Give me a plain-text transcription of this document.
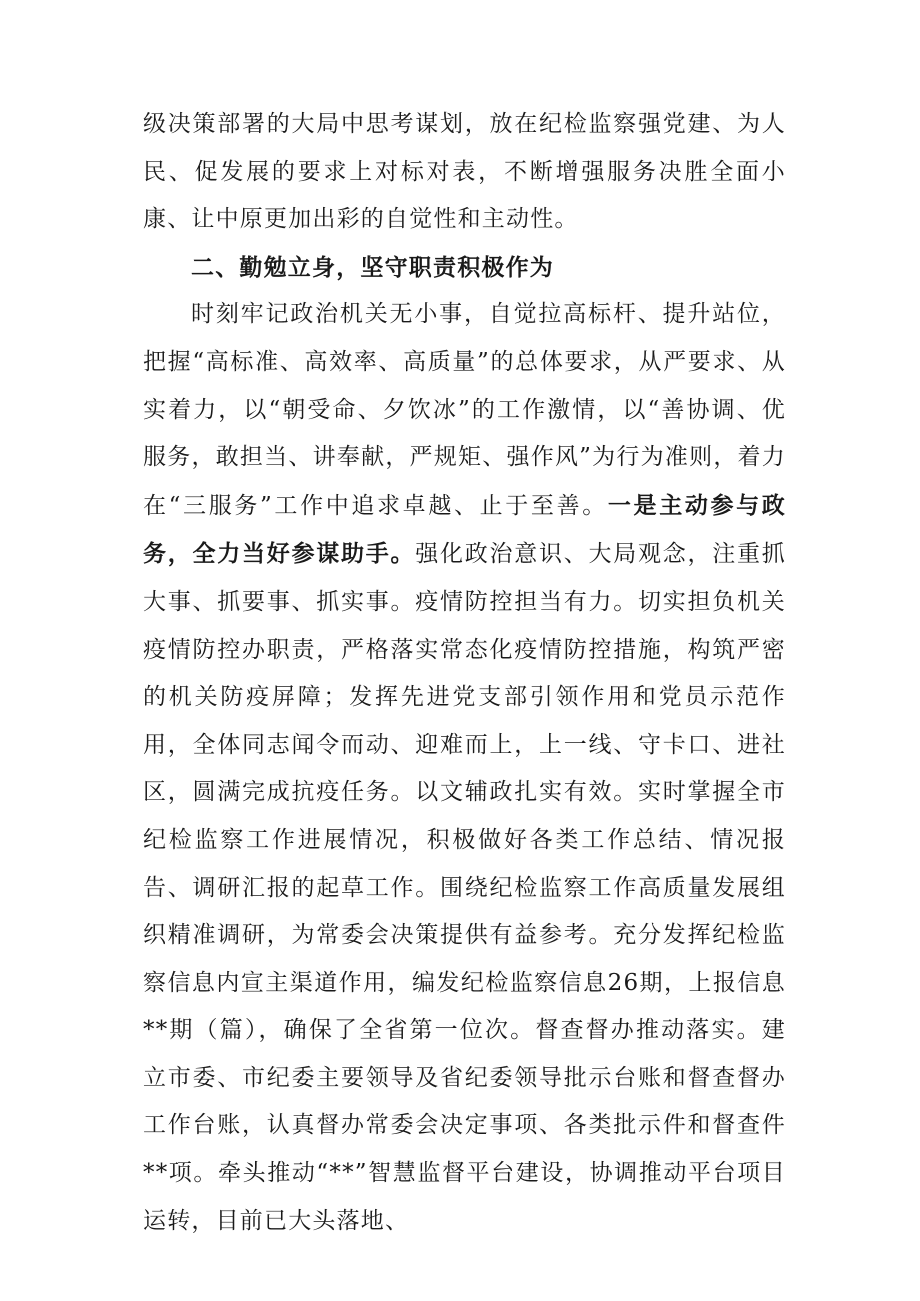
级决策部署的大局中思考谋划，放在纪检监察强党建、为人民、促发展的要求上对标对表，不断增强服务决胜全面小康、让中原更加出彩的自觉性和主动性。

二、勤勉立身，坚守职责积极作为

时刻牢记政治机关无小事，自觉拉高标杆、提升站位，把握“高标准、高效率、高质量”的总体要求，从严要求、从实着力，以“朝受命、夕饮冰”的工作激情，以“善协调、优服务，敢担当、讲奉献，严规矩、强作风”为行为准则，着力在“三服务”工作中追求卓越、止于至善。一是主动参与政务，全力当好参谋助手。强化政治意识、大局观念，注重抓大事、抓要事、抓实事。疫情防控担当有力。切实担负机关疫情防控办职责，严格落实常态化疫情防控措施，构筑严密的机关防疫屏障；发挥先进党支部引领作用和党员示范作用，全体同志闻令而动、迎难而上，上一线、守卡口、进社区，圆满完成抗疫任务。以文辅政扎实有效。实时掌握全市纪检监察工作进展情况，积极做好各类工作总结、情况报告、调研汇报的起草工作。围绕纪检监察工作高质量发展组织精准调研，为常委会决策提供有益参考。充分发挥纪检监察信息内宣主渠道作用，编发纪检监察信息26期，上报信息**期（篇），确保了全省第一位次。督查督办推动落实。建立市委、市纪委主要领导及省纪委领导批示台账和督查督办工作台账，认真督办常委会决定事项、各类批示件和督查件**项。牵头推动“**”智慧监督平台建设，协调推动平台项目运转，目前已大头落地、
